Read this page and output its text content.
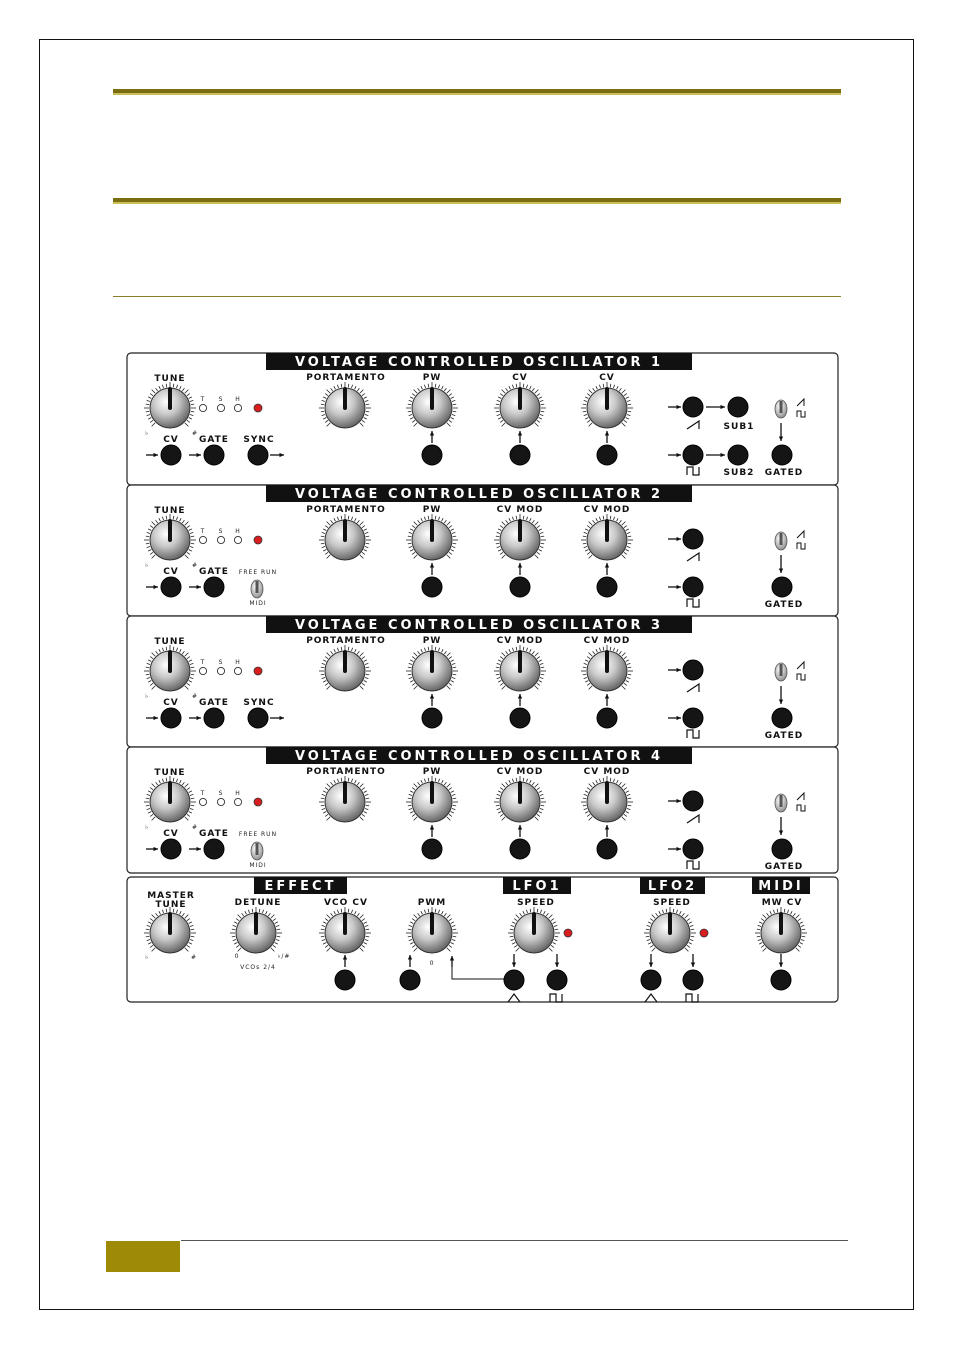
VOLTAGE CONTROLLED OSCILLATOR 1
TUNE
♭	#
T S H
CV GATE SYNC
PORTAMENTO	PW	CV	CV
SUB1
SUB2 GATED
VOLTAGE CONTROLLED OSCILLATOR 2
TUNE
♭	#
T S H
CV GATE FREE RUN
MIDI
PORTAMENTO	PW	CV MOD	CV MOD
GATED
VOLTAGE CONTROLLED OSCILLATOR 3
TUNE
♭	#
T S H
CV GATE SYNC
PORTAMENTO	PW	CV MOD	CV MOD
GATED
VOLTAGE CONTROLLED OSCILLATOR 4
TUNE
♭	#
T S H
CV GATE FREE RUN
MIDI
PORTAMENTO	PW	CV MOD	CV MOD
GATED
EFFECT	LFO1	LFO2	MIDI
MASTER
TUNE
♭	#
DETUNE
0	♭/#
VCOs 2/4
VCO CV	PWM
0
SPEED	SPEED	MW CV
